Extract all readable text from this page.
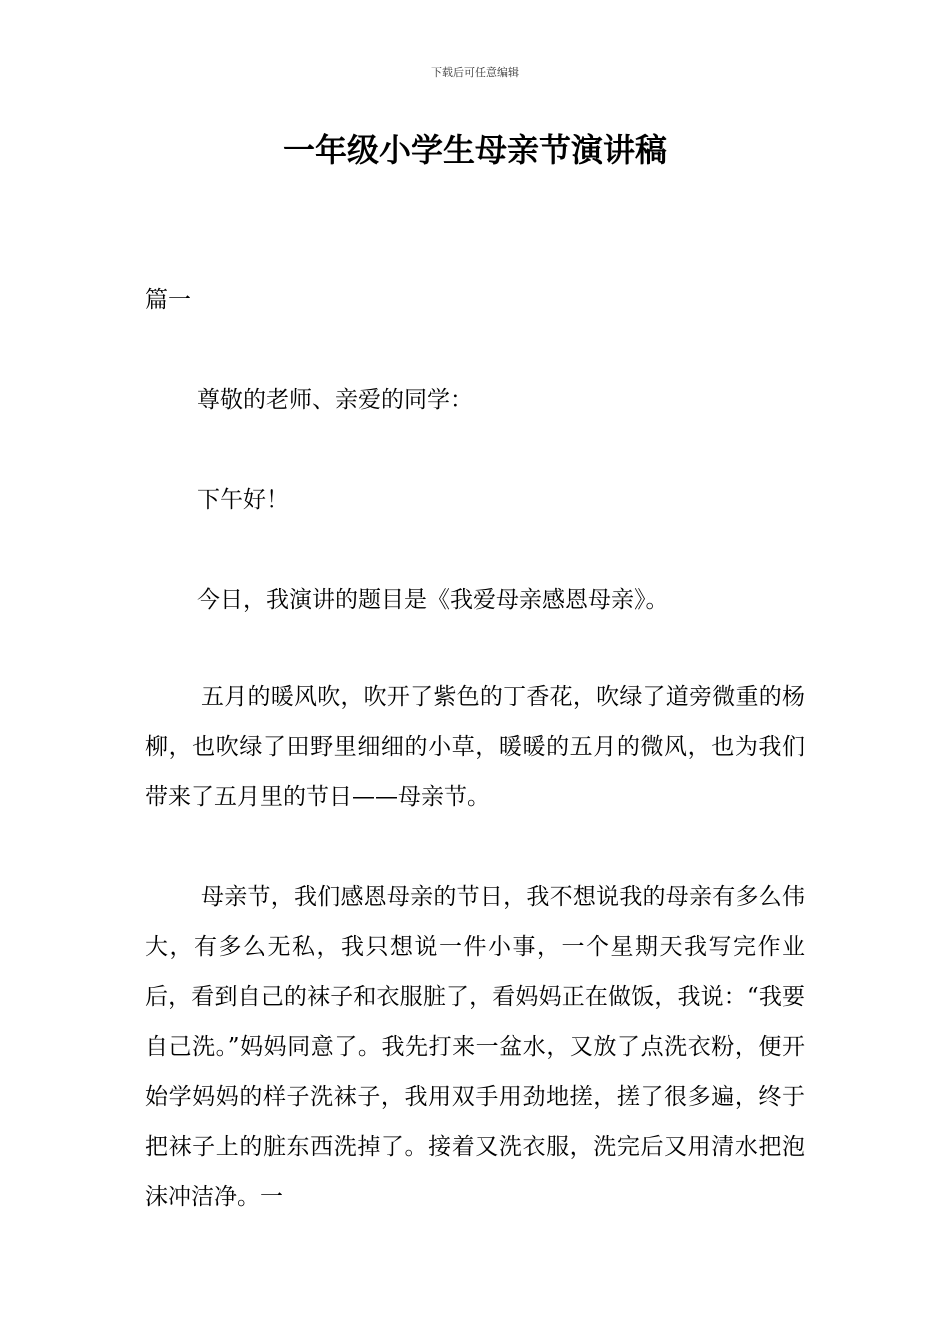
下载后可任意编辑
一年级小学生母亲节演讲稿
篇一
尊敬的老师、亲爱的同学：
下午好！
今日，我演讲的题目是《我爱母亲感恩母亲》。

五月的暖风吹，吹开了紫色的丁香花，吹绿了道旁微重的杨柳，也吹绿了田野里细细的小草，暖暖的五月的微风，也为我们带来了五月里的节日——母亲节。

母亲节，我们感恩母亲的节日，我不想说我的母亲有多么伟大，有多么无私，我只想说一件小事，一个星期天我写完作业后，看到自己的袜子和衣服脏了，看妈妈正在做饭，我说：“我要自己洗。”妈妈同意了。我先打来一盆水，又放了点洗衣粉，便开始学妈妈的样子洗袜子，我用双手用劲地搓，搓了很多遍，终于把袜子上的脏东西洗掉了。接着又洗衣服，洗完后又用清水把泡沫冲洁净。一
